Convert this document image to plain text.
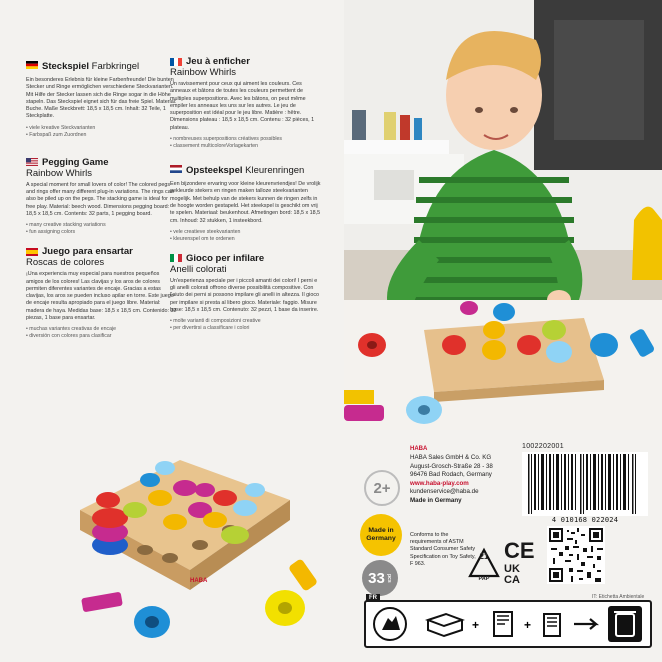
Steckspiel Farbkringel
Ein besonderes Erlebnis für kleine Farbenfreunde! Die bunten Stecker und Ringe ermöglichen verschiedene Steckvarianten. Mit Hilfe der Stecker lassen sich die Ringe sogar in die Höhe stapeln. Das Steckspiel eignet sich für das freie Spiel. Material: Buche. Maße Steckbrett: 18,5 x 18,5 cm. Inhalt: 32 Teile, 1 Steckplatte.
• viele kreative Steckvarianten
• Farbspaß zum Zuordnen
Pegging Game
Rainbow Whirls
A special moment for small lovers of color! The colored pegs and rings offer many different plug-in variations. The rings can also be piled up on the pegs. The stacking game is ideal for free play. Material: beech wood. Dimensions pegging board: 18,5 x 18,5 cm. Contents: 32 parts, 1 pegging board.
• many creative stacking variations
• fun assigning colors
Juego para ensartar
Roscas de colores
¡Una experiencia muy especial para nuestros pequeños amigos de los colores! Las clavijas y los aros de colores permiten diferentes variantes de encaje. Gracias a estas clavijas, los aros se pueden incluso apilar en torre. Este juego de encaje resulta apropiado para el juego libre. Material: madera de haya. Medidas base: 18,5 x 18,5 cm. Contenido: 32 piezas, 1 base para ensartar.
• muchas variantes creativas de encaje
• diversión con colores para clasificar
Jeu à enficher
Rainbow Whirls
Un ravissement pour ceux qui aiment les couleurs. Ces anneaux et bâtons de toutes les couleurs permettent de multiples superpositions. Avec les bâtons, on peut même empiler les anneaux les uns sur les autres. Le jeu de superposition est idéal pour le jeu libre. Matière : hêtre. Dimensions plateau : 18,5 x 18,5 cm. Contenu : 32 pièces, 1 plateau.
• nombreuses superpositions créatives possibles
• classement multicoloreVorlagekarten
Opsteekspel Kleurenringen
Een bijzondere ervaring voor kleine kleurenvriendjes! De vrolijk gekleurde stekers en ringen maken talloze steekvarianten mogelijk. Met behulp van de stekers kunnen de ringen zelfs in de hoogte worden gestapeld. Het steekspel is geschikt om vrij te spelen. Materiaal: beukenhout. Afmetingen bord: 18,5 x 18,5 cm. Inhoud: 32 stukken, 1 insteekbord.
• vele creatieve steekvarianten
• kleurenspel om te ordenen
Gioco per infilare
Anelli colorati
Un'esperienza speciale per i piccoli amanti dei colori! I perni e gli anelli colorati offrono diverse possibilità compositive. Con l'aiuto dei perni si possono impilare gli anelli in altezza. Il gioco per impilare si presta al libero gioco. Materiale: faggio. Misure base: 18,5 x 18,5 cm. Contenuto: 32 pezzi, 1 base da inserire.
• molte varianti di composizioni creative
• per divertirsi a classificare i colori
HABA
1002202001
HABA
HABA Sales GmbH & Co. KG
August-Grosch-Straße 28 - 38
96476 Bad Rodach, Germany
www.haba-play.com
kundenservice@haba.de
Made in Germany
Conforms to the requirements of ASTM Standard Consumer Safety Specification on Toy Safety, F 963.
2+
Made in
Germany
33 pcs
4 010168 022024
21
PAP
CE
UK CA
IT: Etichetta Ambientale
+	+
FR
